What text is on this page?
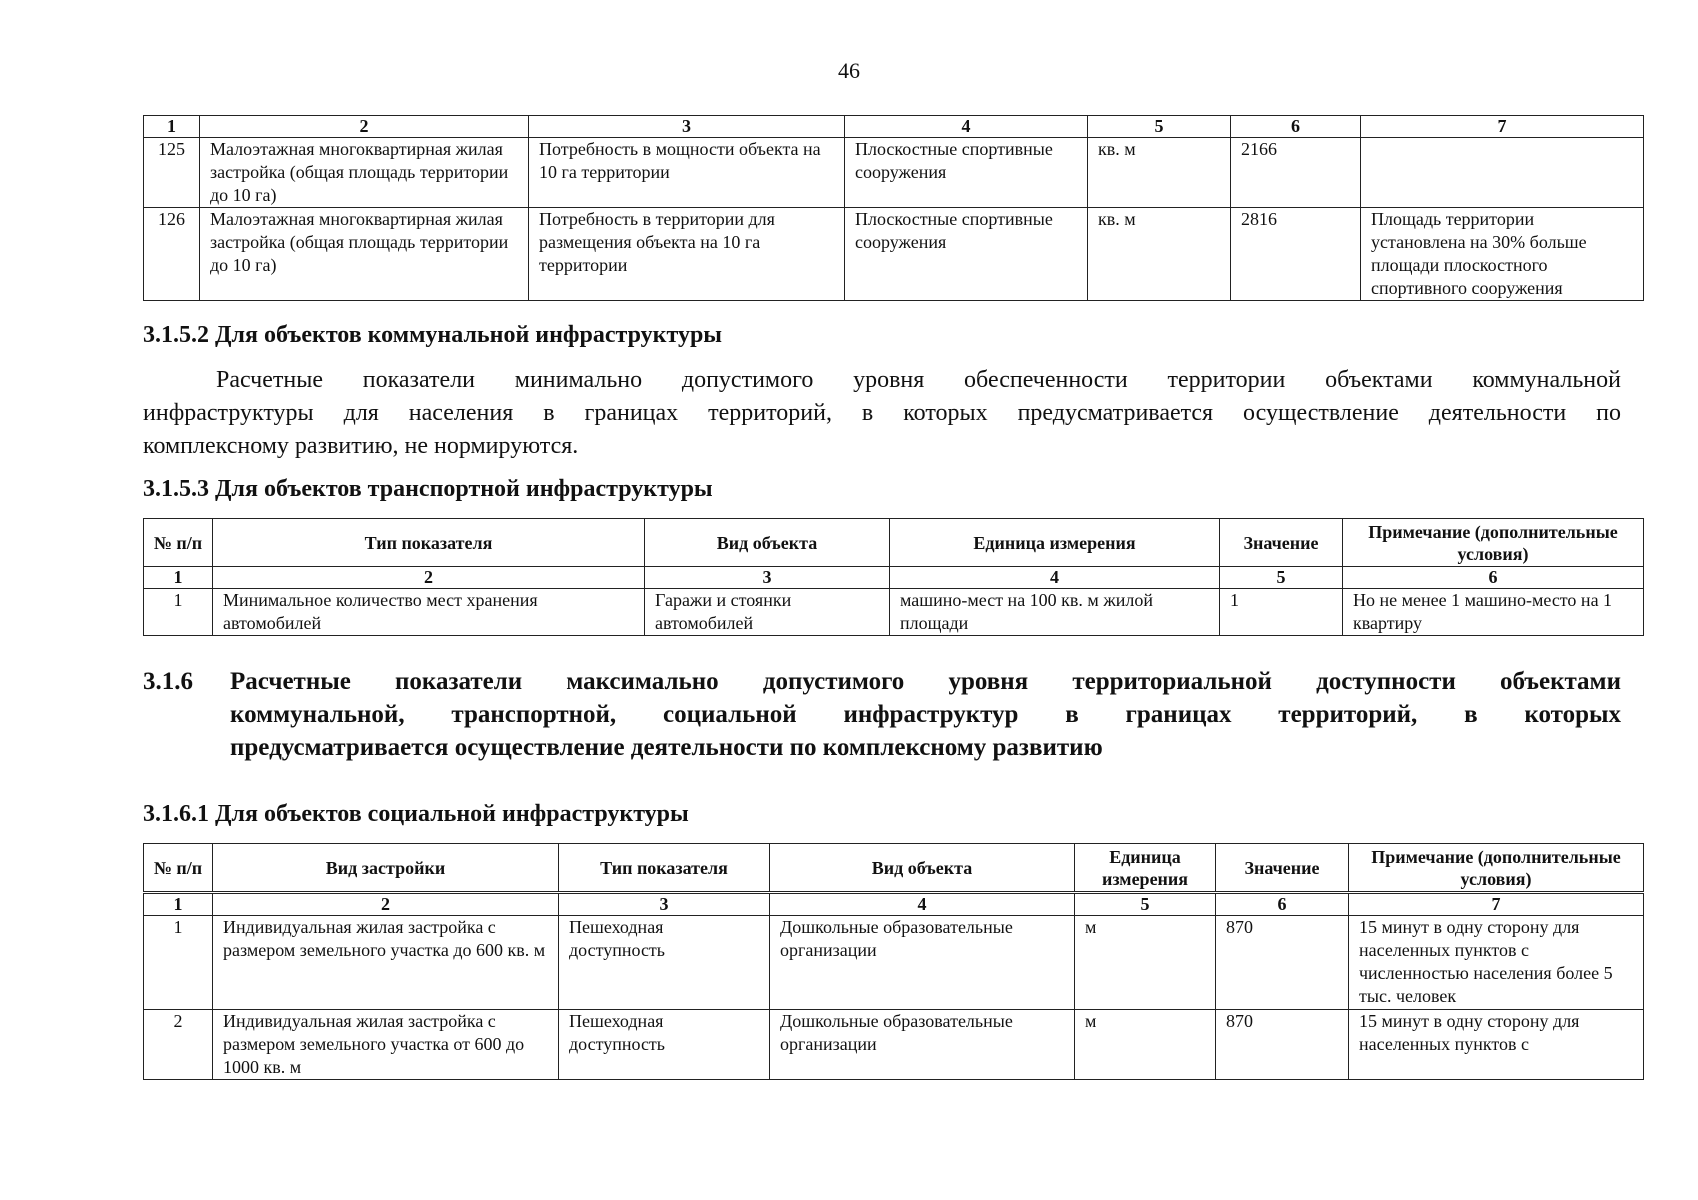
46
1	2	3	4	5	6	7
125	Малоэтажная многоквартирная жилая застройка (общая площадь территории до 10 га)	Потребность в мощности объекта на 10 га территории	Плоскостные спортивные сооружения	кв. м	2166	
126	Малоэтажная многоквартирная жилая застройка (общая площадь территории до 10 га)	Потребность в территории для размещения объекта на 10 га территории	Плоскостные спортивные сооружения	кв. м	2816	Площадь территории установлена на 30% больше площади плоскостного спортивного сооружения
3.1.5.2 Для объектов коммунальной инфраструктуры
Расчетные показатели минимально допустимого уровня обеспеченности территории объектами коммунальной
инфраструктуры для населения в границах территорий, в которых предусматривается осуществление деятельности по
комплексному развитию, не нормируются.
3.1.5.3 Для объектов транспортной инфраструктуры
№ п/п	Тип показателя	Вид объекта	Единица измерения	Значение	Примечание (дополнительные условия)
1	2	3	4	5	6
1	Минимальное количество мест хранения автомобилей	Гаражи и стоянки автомобилей	машино-мест на 100 кв. м жилой площади	1	Но не менее 1 машино-место на 1 квартиру
3.1.6 Расчетные показатели максимально допустимого уровня территориальной доступности объектами
коммунальной, транспортной, социальной инфраструктур в границах территорий, в которых
предусматривается осуществление деятельности по комплексному развитию
3.1.6.1 Для объектов социальной инфраструктуры
№ п/п	Вид застройки	Тип показателя	Вид объекта	Единица измерения	Значение	Примечание (дополнительные условия)
1	2	3	4	5	6	7
1	Индивидуальная жилая застройка с размером земельного участка до 600 кв. м	Пешеходная доступность	Дошкольные образовательные организации	м	870	15 минут в одну сторону для населенных пунктов с численностью населения более 5 тыс. человек
2	Индивидуальная жилая застройка с размером земельного участка от 600 до 1000 кв. м	Пешеходная доступность	Дошкольные образовательные организации	м	870	15 минут в одну сторону для населенных пунктов с
